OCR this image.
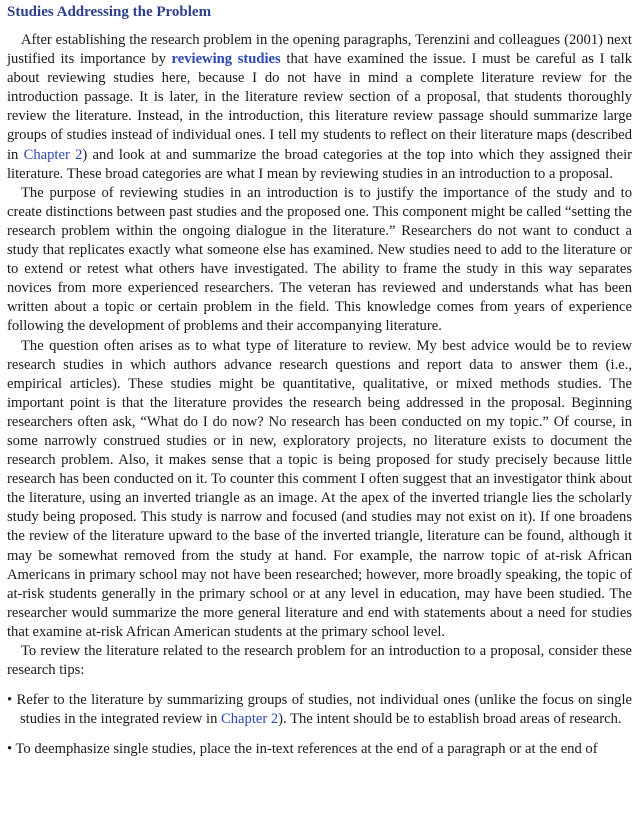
Studies Addressing the Problem

After establishing the research problem in the opening paragraphs, Terenzini and colleagues (2001) next justified its importance by reviewing studies that have examined the issue. I must be careful as I talk about reviewing studies here, because I do not have in mind a complete literature review for the introduction passage. It is later, in the literature review section of a proposal, that students thoroughly review the literature. Instead, in the introduction, this literature review passage should summarize large groups of studies instead of individual ones. I tell my students to reflect on their literature maps (described in Chapter 2) and look at and summarize the broad categories at the top into which they assigned their literature. These broad categories are what I mean by reviewing studies in an introduction to a proposal.

The purpose of reviewing studies in an introduction is to justify the importance of the study and to create distinctions between past studies and the proposed one. This component might be called “setting the research problem within the ongoing dialogue in the literature.” Researchers do not want to conduct a study that replicates exactly what someone else has examined. New studies need to add to the literature or to extend or retest what others have investigated. The ability to frame the study in this way separates novices from more experienced researchers. The veteran has reviewed and understands what has been written about a topic or certain problem in the field. This knowledge comes from years of experience following the development of problems and their accompanying literature.

The question often arises as to what type of literature to review. My best advice would be to review research studies in which authors advance research questions and report data to answer them (i.e., empirical articles). These studies might be quantitative, qualitative, or mixed methods studies. The important point is that the literature provides the research being addressed in the proposal. Beginning researchers often ask, “What do I do now? No research has been conducted on my topic.” Of course, in some narrowly construed studies or in new, exploratory projects, no literature exists to document the research problem. Also, it makes sense that a topic is being proposed for study precisely because little research has been conducted on it. To counter this comment I often suggest that an investigator think about the literature, using an inverted triangle as an image. At the apex of the inverted triangle lies the scholarly study being proposed. This study is narrow and focused (and studies may not exist on it). If one broadens the review of the literature upward to the base of the inverted triangle, literature can be found, although it may be somewhat removed from the study at hand. For example, the narrow topic of at-risk African Americans in primary school may not have been researched; however, more broadly speaking, the topic of at-risk students generally in the primary school or at any level in education, may have been studied. The researcher would summarize the more general literature and end with statements about a need for studies that examine at-risk African American students at the primary school level.

To review the literature related to the research problem for an introduction to a proposal, consider these research tips:

• Refer to the literature by summarizing groups of studies, not individual ones (unlike the focus on single studies in the integrated review in Chapter 2). The intent should be to establish broad areas of research.
• To deemphasize single studies, place the in-text references at the end of a paragraph or at the end of
